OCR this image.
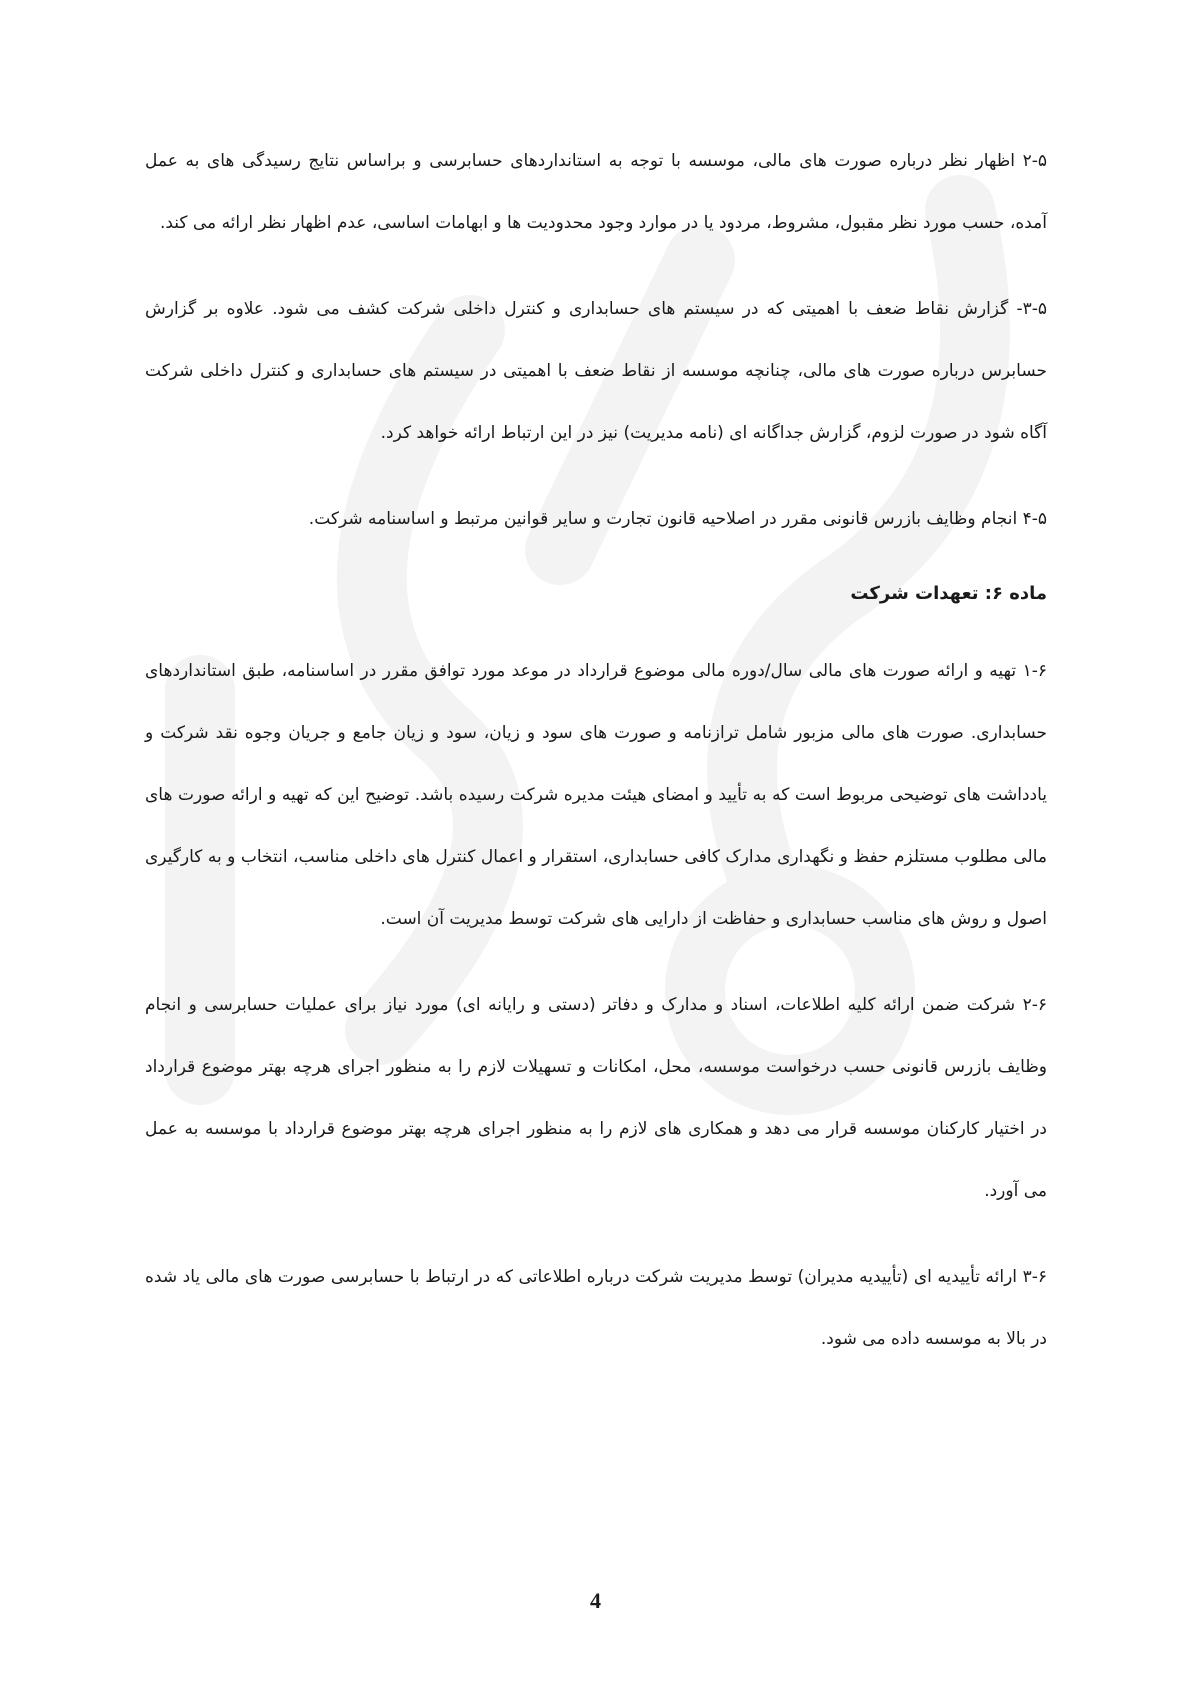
۲-۵ اظهار نظر درباره صورت های مالی، موسسه با توجه به استانداردهای حسابرسی و براساس نتایج رسیدگی های به عمل آمده، حسب مورد نظر مقبول، مشروط، مردود یا در موارد وجود محدودیت ها و ابهامات اساسی، عدم اظهار نظر ارائه می کند.

۳-۵- گزارش نقاط ضعف با اهمیتی که در سیستم های حسابداری و کنترل داخلی شرکت کشف می شود. علاوه بر گزارش حسابرس درباره صورت های مالی، چنانچه موسسه از نقاط ضعف با اهمیتی در سیستم های حسابداری و کنترل داخلی شرکت آگاه شود در صورت لزوم، گزارش جداگانه ای (نامه مدیریت) نیز در این ارتباط ارائه خواهد کرد.

۴-۵ انجام وظایف بازرس قانونی مقرر در اصلاحیه قانون تجارت و سایر قوانین مرتبط و اساسنامه شرکت.

ماده ۶: تعهدات شرکت

۱-۶ تهیه و ارائه صورت های مالی سال/دوره مالی موضوع قرارداد در موعد مورد توافق مقرر در اساسنامه، طبق استانداردهای حسابداری. صورت های مالی مزبور شامل ترازنامه و صورت های سود و زیان، سود و زیان جامع و جریان وجوه نقد شرکت و یادداشت های توضیحی مربوط است که به تأیید و امضای هیئت مدیره شرکت رسیده باشد. توضیح این که تهیه و ارائه صورت های مالی مطلوب مستلزم حفظ و نگهداری مدارک کافی حسابداری، استقرار و اعمال کنترل های داخلی مناسب، انتخاب و به کارگیری اصول و روش های مناسب حسابداری و حفاظت از دارایی های شرکت توسط مدیریت آن است.

۲-۶ شرکت ضمن ارائه کلیه اطلاعات، اسناد و مدارک و دفاتر (دستی و رایانه ای) مورد نیاز برای عملیات حسابرسی و انجام وظایف بازرس قانونی حسب درخواست موسسه، محل، امکانات و تسهیلات لازم را به منظور اجرای هرچه بهتر موضوع قرارداد در اختیار کارکنان موسسه قرار می دهد و همکاری های لازم را به منظور اجرای هرچه بهتر موضوع قرارداد با موسسه به عمل می آورد.

۳-۶ ارائه تأییدیه ای (تأییدیه مدیران) توسط مدیریت شرکت درباره اطلاعاتی که در ارتباط با حسابرسی صورت های مالی یاد شده در بالا به موسسه داده می شود.

4
